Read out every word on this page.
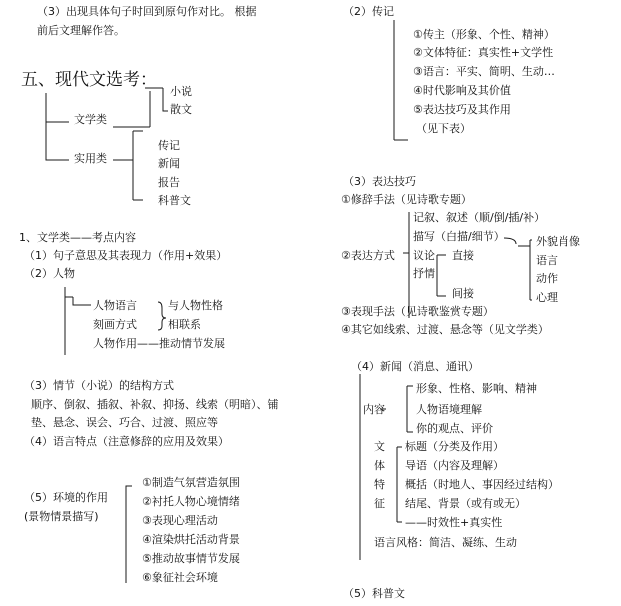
（3）出现具体句子时回到原句作对比。 根据
前后文理解作答。
五、现代文选考：
小说
散文
文学类
传记
新闻
实用类
报告
科普文
1、文学类——考点内容
（1）句子意思及其表现力（作用+效果）
（2）人物
人物语言	与人物性格
刻画方式	相联系
人物作用——推动情节发展
（3）情节（小说）的结构方式
顺序、倒叙、插叙、补叙、抑扬、线索（明暗）、铺
垫、悬念、误会、巧合、过渡、照应等
（4）语言特点（注意修辞的应用及效果）
（5）环境的作用
(景物情景描写)
①制造气氛营造氛围
②衬托人物心境情绪
③表现心理活动
④渲染烘托活动背景
⑤推动故事情节发展
⑥象征社会环境
（2）传记
①传主（形象、个性、精神）
②文体特征：真实性+文学性
③语言：平实、简明、生动…
④时代影响及其价值
⑤表达技巧及其作用
（见下表）
（3）表达技巧
①修辞手法（见诗歌专题）
记叙、叙述（顺/倒/插/补）
描写（白描/细节）	外貌肖像
②表达方式 议论	语言
直接
抒情	动作
心理
间接
③表现手法（见诗歌鉴赏专题）
④其它如线索、过渡、悬念等（见文学类）
（4）新闻（消息、通讯）
形象、性格、影响、精神
内容	人物语境理解
你的观点、评价
文
体
特
征
标题（分类及作用）
导语（内容及理解）
概括（时地人、事因经过结构）
结尾、背景（或有或无）
——时效性+真实性
语言风格：简洁、凝练、生动
（5）科普文
